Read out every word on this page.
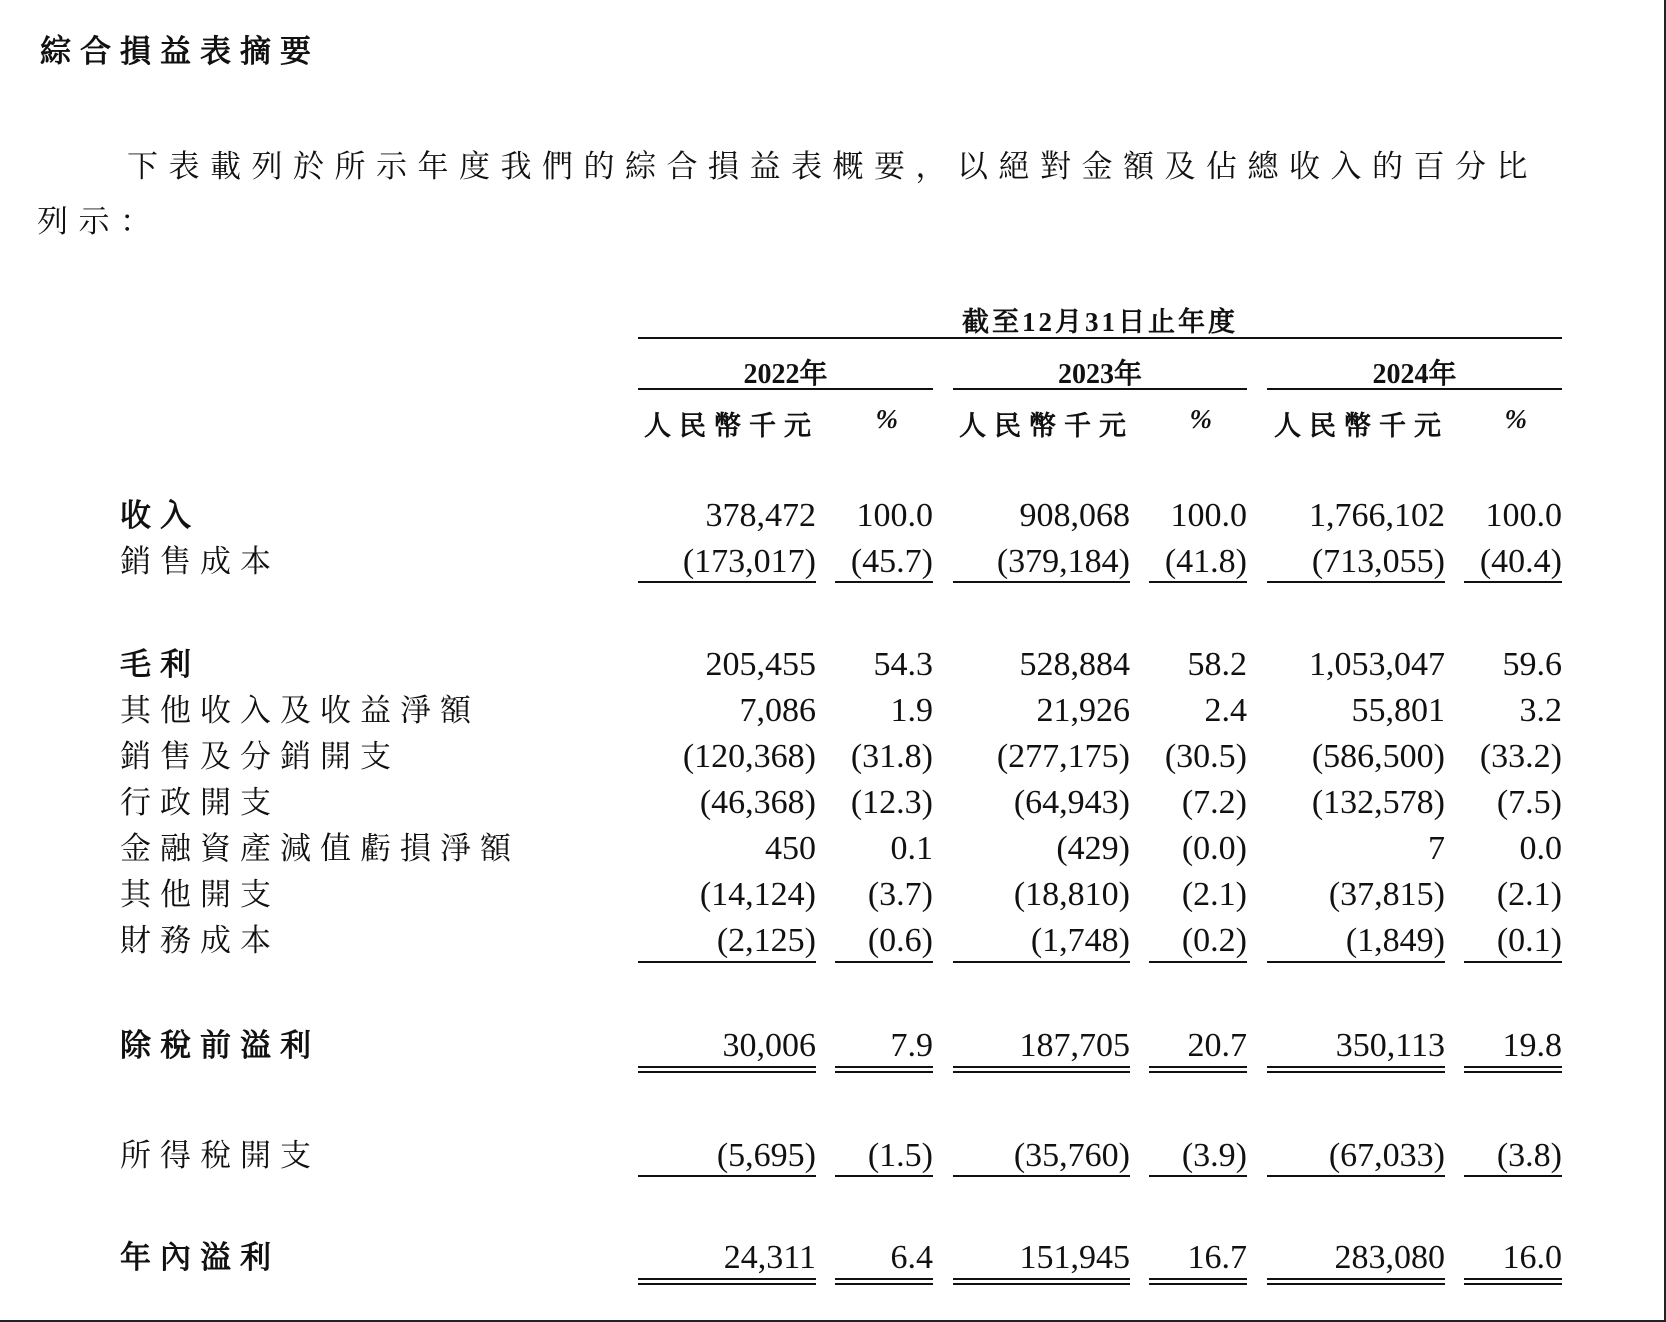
綜合損益表摘要
下表載列於所示年度我們的綜合損益表概要，以絕對金額及佔總收入的百分比
列示：
截至12月31日止年度
2022年	2023年	2024年
人民幣千元	% 人民幣千元	% 人民幣千元	%
收入	378,472	100.0	908,068	100.0	1,766,102	100.0
銷售成本	(173,017)	(45.7)	(379,184)	(41.8)	(713,055)	(40.4)
毛利	205,455	54.3	528,884	58.2	1,053,047	59.6
其他收入及收益淨額	7,086	1.9	21,926	2.4	55,801	3.2
銷售及分銷開支	(120,368)	(31.8)	(277,175)	(30.5)	(586,500)	(33.2)
行政開支	(46,368)	(12.3)	(64,943)	(7.2)	(132,578)	(7.5)
金融資產減值虧損淨額	450	0.1	(429)	(0.0)	7	0.0
其他開支	(14,124)	(3.7)	(18,810)	(2.1)	(37,815)	(2.1)
財務成本	(2,125)	(0.6)	(1,748)	(0.2)	(1,849)	(0.1)
除稅前溢利	30,006	7.9	187,705	20.7	350,113	19.8
所得稅開支	(5,695)	(1.5)	(35,760)	(3.9)	(67,033)	(3.8)
年內溢利	24,311	6.4	151,945	16.7	283,080	16.0
